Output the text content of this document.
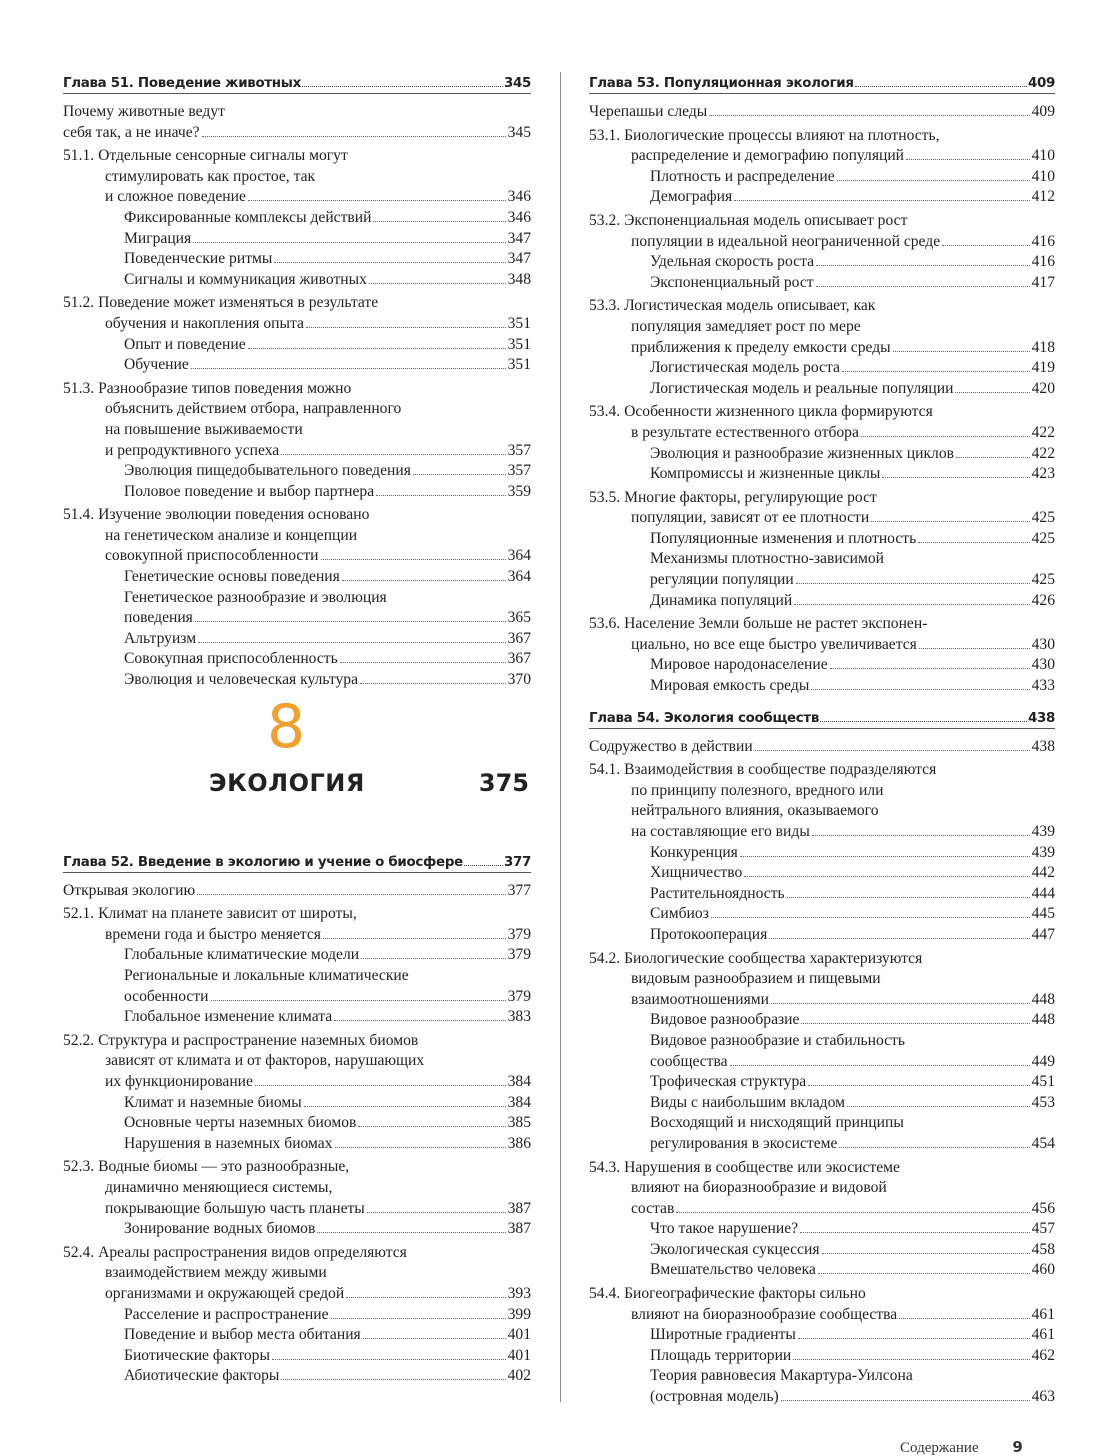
Глава 51. Поведение животных	345
Почему животные ведут
себя так, а не иначе?	345
51.1. Отдельные сенсорные сигналы могут
стимулировать как простое, так
и сложное поведение	346
Фиксированные комплексы действий	346
Миграция	347
Поведенческие ритмы	347
Сигналы и коммуникация животных	348
51.2. Поведение может изменяться в результате
обучения и накопления опыта	351
Опыт и поведение	351
Обучение	351
51.3. Разнообразие типов поведения можно
объяснить действием отбора, направленного
на повышение выживаемости
и репродуктивного успеха	357
Эволюция пищедобывательного поведения	357
Половое поведение и выбор партнера	359
51.4. Изучение эволюции поведения основано
на генетическом анализе и концепции
совокупной приспособленности	364
Генетические основы поведения	364
Генетическое разнообразие и эволюция
поведения	365
Альтруизм	367
Совокупная приспособленность	367
Эволюция и человеческая культура	370
8
ЭКОЛОГИЯ	375
Глава 52. Введение в экологию и учение о биосфере	377
Открывая экологию	377
52.1. Климат на планете зависит от широты,
времени года и быстро меняется	379
Глобальные климатические модели	379
Региональные и локальные климатические
особенности	379
Глобальное изменение климата	383
52.2. Структура и распространение наземных биомов
зависят от климата и от факторов, нарушающих
их функционирование	384
Климат и наземные биомы	384
Основные черты наземных биомов	385
Нарушения в наземных биомах	386
52.3. Водные биомы — это разнообразные,
динамично меняющиеся системы,
покрывающие большую часть планеты	387
Зонирование водных биомов	387
52.4. Ареалы распространения видов определяются
взаимодействием между живыми
организмами и окружающей средой	393
Расселение и распространение	399
Поведение и выбор места обитания	401
Биотические факторы	401
Абиотические факторы	402
Глава 53. Популяционная экология	409
Черепашьи следы	409
53.1. Биологические процессы влияют на плотность,
распределение и демографию популяций	410
Плотность и распределение	410
Демография	412
53.2. Экспоненциальная модель описывает рост
популяции в идеальной неограниченной среде	416
Удельная скорость роста	416
Экспоненциальный рост	417
53.3. Логистическая модель описывает, как
популяция замедляет рост по мере
приближения к пределу емкости среды	418
Логистическая модель роста	419
Логистическая модель и реальные популяции	420
53.4. Особенности жизненного цикла формируются
в результате естественного отбора	422
Эволюция и разнообразие жизненных циклов	422
Компромиссы и жизненные циклы	423
53.5. Многие факторы, регулирующие рост
популяции, зависят от ее плотности	425
Популяционные изменения и плотность	425
Механизмы плотностно-зависимой
регуляции популяции	425
Динамика популяций	426
53.6. Население Земли больше не растет экспонен-
циально, но все еще быстро увеличивается	430
Мировое народонаселение	430
Мировая емкость среды	433
Глава 54. Экология сообществ	438
Содружество в действии	438
54.1. Взаимодействия в сообществе подразделяются
по принципу полезного, вредного или
нейтрального влияния, оказываемого
на составляющие его виды	439
Конкуренция	439
Хищничество	442
Растительноядность	444
Симбиоз	445
Протокооперация	447
54.2. Биологические сообщества характеризуются
видовым разнообразием и пищевыми
взаимоотношениями	448
Видовое разнообразие	448
Видовое разнообразие и стабильность
сообщества	449
Трофическая структура	451
Виды с наибольшим вкладом	453
Восходящий и нисходящий принципы
регулирования в экосистеме	454
54.3. Нарушения в сообществе или экосистеме
влияют на биоразнообразие и видовой
состав	456
Что такое нарушение?	457
Экологическая сукцессия	458
Вмешательство человека	460
54.4. Биогеографические факторы сильно
влияют на биоразнообразие сообщества	461
Широтные градиенты	461
Площадь территории	462
Теория равновесия Макартура-Уилсона
(островная модель)	463
Содержание 9
